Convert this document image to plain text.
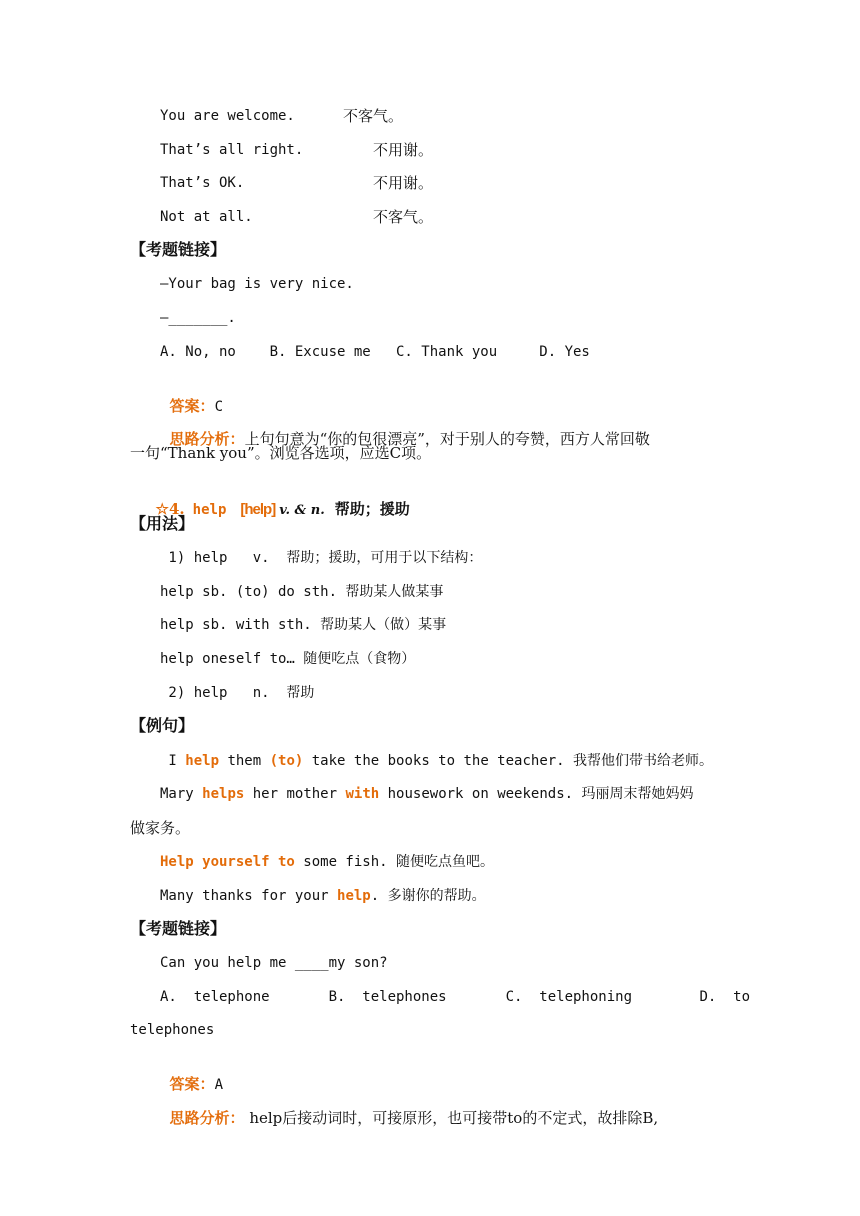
You are welcome.	不客气。
That’s all right.	不用谢。
That’s OK.	不用谢。
Not at all.	不客气。
【考题链接】
—Your bag is very nice.
—_______.
A. No, no    B. Excuse me   C. Thank you     D. Yes

答案：C

思路分析：上句句意为“你的包很漂亮”，对于别人的夸赞，西方人常回敬

一句“Thank you”。浏览各选项，应选C项。

☆4. help [help] v. & n. 帮助；援助

【用法】
1) help   v.  帮助；援助，可用于以下结构：
help sb. (to) do sth. 帮助某人做某事
help sb. with sth. 帮助某人（做）某事
help oneself to… 随便吃点（食物）
2) help   n.  帮助
【例句】
I help them (to) take the books to the teacher. 我帮他们带书给老师。
Mary helps her mother with housework on weekends. 玛丽周末帮她妈妈
做家务。
Help yourself to some fish. 随便吃点鱼吧。
Many thanks for your help. 多谢你的帮助。
【考题链接】
Can you help me ____my son?
A.  telephone       B.  telephones       C.  telephoning        D.  to
telephones

答案：A

思路分析： help后接动词时，可接原形，也可接带to的不定式，故排除B,
